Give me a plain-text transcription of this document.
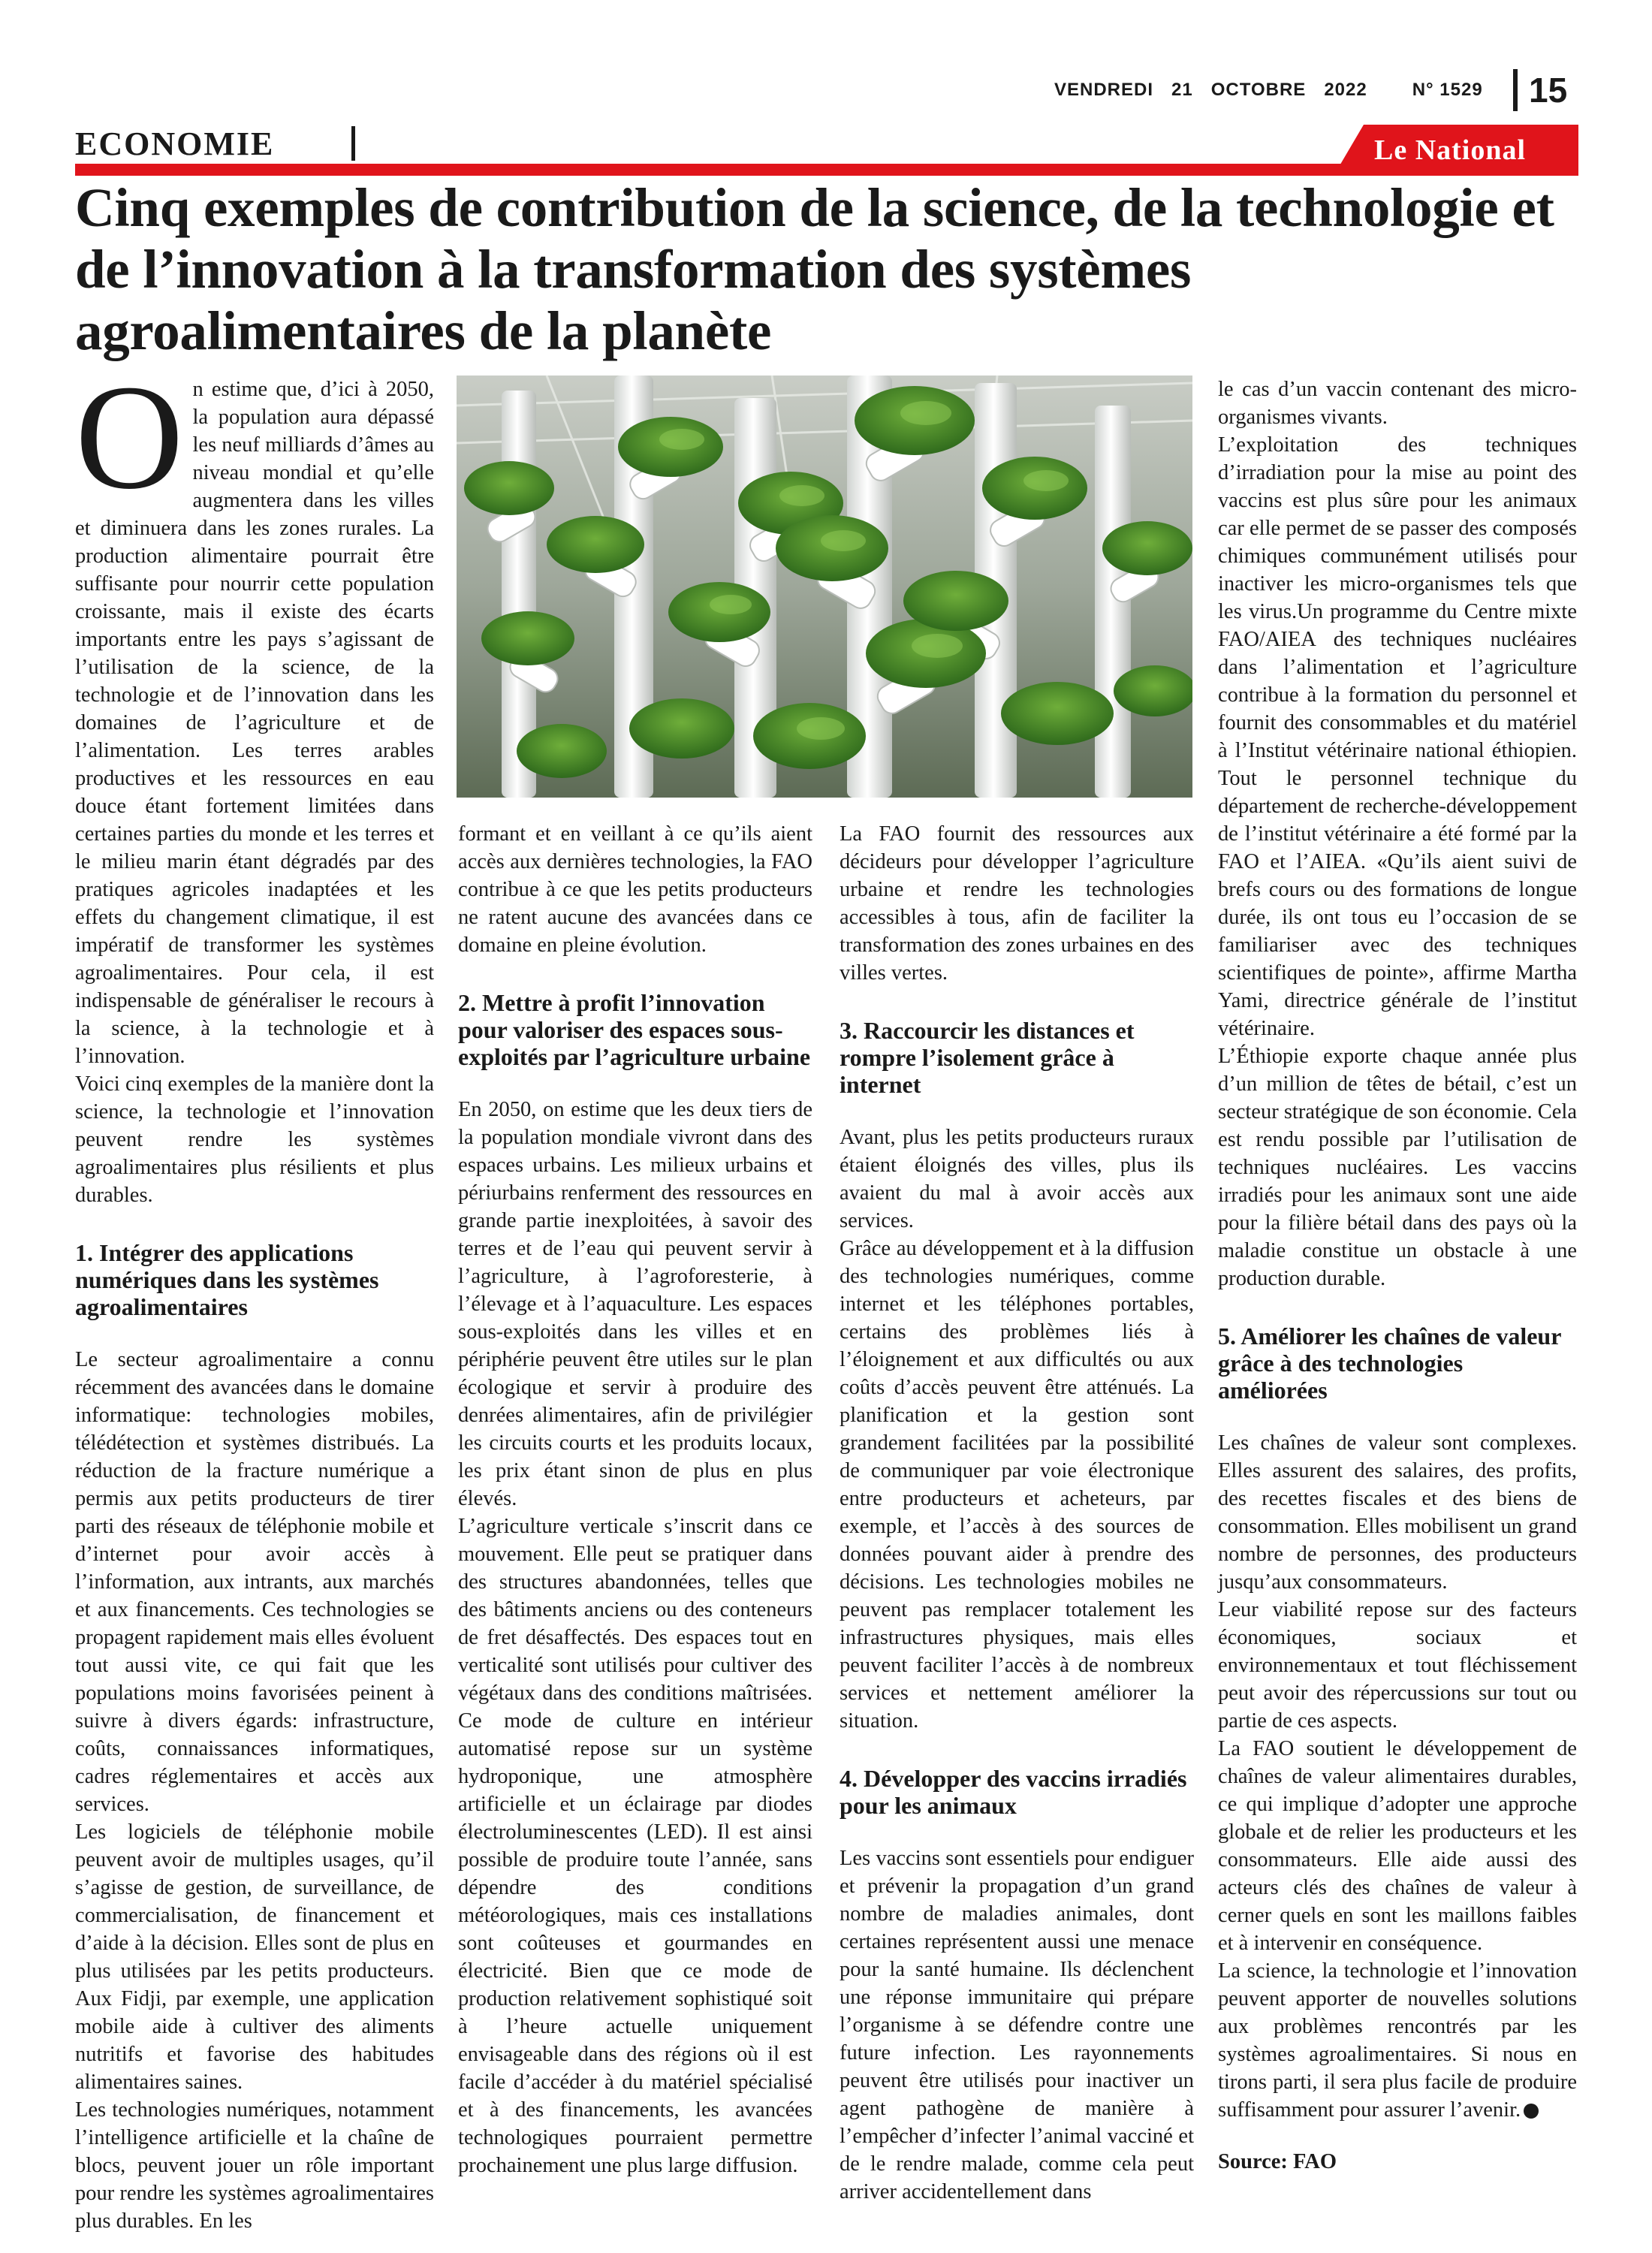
VENDREDI 21 OCTOBRE 2022	N° 1529 15
ECONOMIE	Le National
Cinq exemples de contribution de la science, de la technologie et de l’innovation à la transformation des systèmes agroalimentaires de la planète

On estime que, d’ici à 2050, la population aura dépassé les neuf milliards d’âmes au niveau mondial et qu’elle augmentera dans les villes et diminuera dans les zones rurales. La production alimentaire pourrait être suffisante pour nourrir cette population croissante, mais il existe des écarts importants entre les pays s’agissant de l’utilisation de la science, de la technologie et de l’innovation dans les domaines de l’agriculture et de l’alimentation. Les terres arables productives et les ressources en eau douce étant fortement limitées dans certaines parties du monde et les terres et le milieu marin étant dégradés par des pratiques agricoles inadaptées et les effets du changement climatique, il est impératif de transformer les systèmes agroalimentaires. Pour cela, il est indispensable de généraliser le recours à la science, à la technologie et à l’innovation.

Voici cinq exemples de la manière dont la science, la technologie et l’innovation peuvent rendre les systèmes agroalimentaires plus résilients et plus durables.

1. Intégrer des applications numériques dans les systèmes agroalimentaires

Le secteur agroalimentaire a connu récemment des avancées dans le domaine informatique: technologies mobiles, télédétection et systèmes distribués. La réduction de la fracture numérique a permis aux petits producteurs de tirer parti des réseaux de téléphonie mobile et d’internet pour avoir accès à l’information, aux intrants, aux marchés et aux financements. Ces technologies se propagent rapidement mais elles évoluent tout aussi vite, ce qui fait que les populations moins favorisées peinent à suivre à divers égards: infrastructure, coûts, connaissances informatiques, cadres réglementaires et accès aux services.

Les logiciels de téléphonie mobile peuvent avoir de multiples usages, qu’il s’agisse de gestion, de surveillance, de commercialisation, de financement et d’aide à la décision. Elles sont de plus en plus utilisées par les petits producteurs. Aux Fidji, par exemple, une application mobile aide à cultiver des aliments nutritifs et favorise des habitudes alimentaires saines.

Les technologies numériques, notamment l’intelligence artificielle et la chaîne de blocs, peuvent jouer un rôle important pour rendre les systèmes agroalimentaires plus durables. En les

formant et en veillant à ce qu’ils aient accès aux dernières technologies, la FAO contribue à ce que les petits producteurs ne ratent aucune des avancées dans ce domaine en pleine évolution.

2. Mettre à profit l’innovation pour valoriser des espaces sous-exploités par l’agriculture urbaine

En 2050, on estime que les deux tiers de la population mondiale vivront dans des espaces urbains. Les milieux urbains et périurbains renferment des ressources en grande partie inexploitées, à savoir des terres et de l’eau qui peuvent servir à l’agriculture, à l’agroforesterie, à l’élevage et à l’aquaculture. Les espaces sous-exploités dans les villes et en périphérie peuvent être utiles sur le plan écologique et servir à produire des denrées alimentaires, afin de privilégier les circuits courts et les produits locaux, les prix étant sinon de plus en plus élevés.

L’agriculture verticale s’inscrit dans ce mouvement. Elle peut se pratiquer dans des structures abandonnées, telles que des bâtiments anciens ou des conteneurs de fret désaffectés. Des espaces tout en verticalité sont utilisés pour cultiver des végétaux dans des conditions maîtrisées. Ce mode de culture en intérieur automatisé repose sur un système hydroponique, une atmosphère artificielle et un éclairage par diodes électroluminescentes (LED). Il est ainsi possible de produire toute l’année, sans dépendre des conditions météorologiques, mais ces installations sont coûteuses et gourmandes en électricité. Bien que ce mode de production relativement sophistiqué soit à l’heure actuelle uniquement envisageable dans des régions où il est facile d’accéder à du matériel spécialisé et à des financements, les avancées technologiques pourraient permettre prochainement une plus large diffusion.

La FAO fournit des ressources aux décideurs pour développer l’agriculture urbaine et rendre les technologies accessibles à tous, afin de faciliter la transformation des zones urbaines en des villes vertes.

3. Raccourcir les distances et rompre l’isolement grâce à internet

Avant, plus les petits producteurs ruraux étaient éloignés des villes, plus ils avaient du mal à avoir accès aux services.

Grâce au développement et à la diffusion des technologies numériques, comme internet et les téléphones portables, certains des problèmes liés à l’éloignement et aux difficultés ou aux coûts d’accès peuvent être atténués. La planification et la gestion sont grandement facilitées par la possibilité de communiquer par voie électronique entre producteurs et acheteurs, par exemple, et l’accès à des sources de données pouvant aider à prendre des décisions. Les technologies mobiles ne peuvent pas remplacer totalement les infrastructures physiques, mais elles peuvent faciliter l’accès à de nombreux services et nettement améliorer la situation.

4. Développer des vaccins irradiés pour les animaux

Les vaccins sont essentiels pour endiguer et prévenir la propagation d’un grand nombre de maladies animales, dont certaines représentent aussi une menace pour la santé humaine. Ils déclenchent une réponse immunitaire qui prépare l’organisme à se défendre contre une future infection. Les rayonnements peuvent être utilisés pour inactiver un agent pathogène de manière à l’empêcher d’infecter l’animal vacciné et de le rendre malade, comme cela peut arriver accidentellement dans

le cas d’un vaccin contenant des micro-organismes vivants.

L’exploitation des techniques d’irradiation pour la mise au point des vaccins est plus sûre pour les animaux car elle permet de se passer des composés chimiques communément utilisés pour inactiver les micro-organismes tels que les virus.Un programme du Centre mixte FAO/AIEA des techniques nucléaires dans l’alimentation et l’agriculture contribue à la formation du personnel et fournit des consommables et du matériel à l’Institut vétérinaire national éthiopien. Tout le personnel technique du département de recherche-développement de l’institut vétérinaire a été formé par la FAO et l’AIEA. «Qu’ils aient suivi de brefs cours ou des formations de longue durée, ils ont tous eu l’occasion de se familiariser avec des techniques scientifiques de pointe», affirme Martha Yami, directrice générale de l’institut vétérinaire.

L’Éthiopie exporte chaque année plus d’un million de têtes de bétail, c’est un secteur stratégique de son économie. Cela est rendu possible par l’utilisation de techniques nucléaires. Les vaccins irradiés pour les animaux sont une aide pour la filière bétail dans des pays où la maladie constitue un obstacle à une production durable.

5. Améliorer les chaînes de valeur grâce à des technologies améliorées

Les chaînes de valeur sont complexes. Elles assurent des salaires, des profits, des recettes fiscales et des biens de consommation. Elles mobilisent un grand nombre de personnes, des producteurs jusqu’aux consommateurs.

Leur viabilité repose sur des facteurs économiques, sociaux et environnementaux et tout fléchissement peut avoir des répercussions sur tout ou partie de ces aspects.

La FAO soutient le développement de chaînes de valeur alimentaires durables, ce qui implique d’adopter une approche globale et de relier les producteurs et les consommateurs. Elle aide aussi des acteurs clés des chaînes de valeur à cerner quels en sont les maillons faibles et à intervenir en conséquence.

La science, la technologie et l’innovation peuvent apporter de nouvelles solutions aux problèmes rencontrés par les systèmes agroalimentaires. Si nous en tirons parti, il sera plus facile de produire suffisamment pour assurer l’avenir.

Source: FAO
